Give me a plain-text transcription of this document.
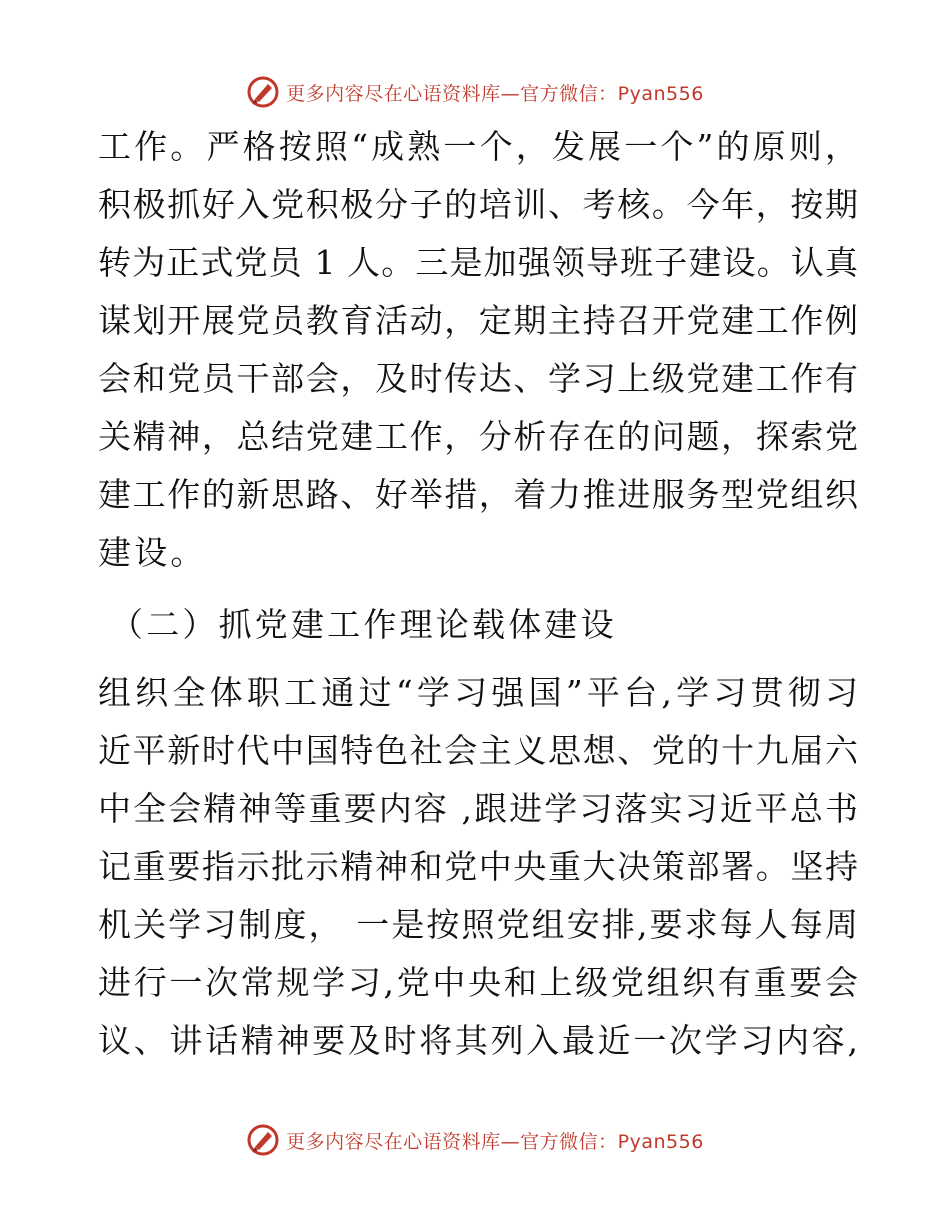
更多内容尽在心语资料库—官方微信：Pyan556
工作。严格按照“成熟一个，发展一个”的原则，
积极抓好入党积极分子的培训、考核。今年，按期
转为正式党员 1 人。三是加强领导班子建设。认真
谋划开展党员教育活动，定期主持召开党建工作例
会和党员干部会，及时传达、学习上级党建工作有
关精神，总结党建工作，分析存在的问题，探索党
建工作的新思路、好举措，着力推进服务型党组织
建设。
（二）抓党建工作理论载体建设
组织全体职工通过“学习强国”平台,学习贯彻习
近平新时代中国特色社会主义思想、党的十九届六
中全会精神等重要内容 ,跟进学习落实习近平总书
记重要指示批示精神和党中央重大决策部署。坚持
机关学习制度， 一是按照党组安排,要求每人每周
进行一次常规学习,党中央和上级党组织有重要会
议、讲话精神要及时将其列入最近一次学习内容,
更多内容尽在心语资料库—官方微信：Pyan556
